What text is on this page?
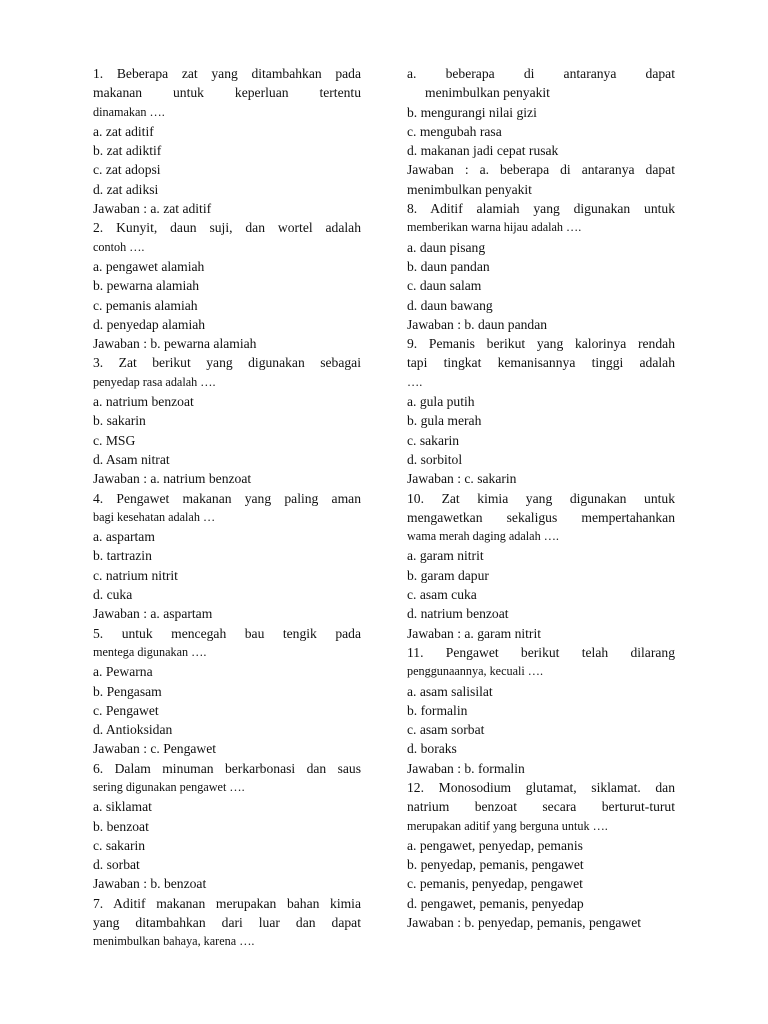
1. Beberapa zat yang ditambahkan pada
makanan untuk keperluan tertentu
dinamakan ….
a. zat aditif
b. zat adiktif
c. zat adopsi
d. zat adiksi
Jawaban : a. zat aditif
2. Kunyit, daun suji, dan wortel adalah
contoh ….
a. pengawet alamiah
b. pewarna alamiah
c. pemanis alamiah
d. penyedap alamiah
Jawaban : b. pewarna alamiah
3. Zat berikut yang digunakan sebagai
penyedap rasa adalah ….
a. natrium benzoat
b. sakarin
c. MSG
d. Asam nitrat
Jawaban : a. natrium benzoat
4. Pengawet makanan yang paling aman
bagi kesehatan adalah …
a. aspartam
b. tartrazin
c. natrium nitrit
d. cuka
Jawaban : a. aspartam
5. untuk mencegah bau tengik pada
mentega digunakan ….
a. Pewarna
b. Pengasam
c. Pengawet
d. Antioksidan
Jawaban : c. Pengawet
6. Dalam minuman berkarbonasi dan saus
sering digunakan pengawet ….
a. siklamat
b. benzoat
c. sakarin
d. sorbat
Jawaban : b. benzoat
7. Aditif makanan merupakan bahan kimia
yang ditambahkan dari luar dan dapat
menimbulkan bahaya, karena ….
a. beberapa di antaranya dapat
menimbulkan penyakit
b. mengurangi nilai gizi
c. mengubah rasa
d. makanan jadi cepat rusak
Jawaban : a. beberapa di antaranya dapat
menimbulkan penyakit
8. Aditif alamiah yang digunakan untuk
memberikan warna hijau adalah ….
a. daun pisang
b. daun pandan
c. daun salam
d. daun bawang
Jawaban : b. daun pandan
9. Pemanis berikut yang kalorinya rendah
tapi tingkat kemanisannya tinggi adalah
….
a. gula putih
b. gula merah
c. sakarin
d. sorbitol
Jawaban : c. sakarin
10. Zat kimia yang digunakan untuk
mengawetkan sekaligus mempertahankan
wama merah daging adalah ….
a. garam nitrit
b. garam dapur
c. asam cuka
d. natrium benzoat
Jawaban : a. garam nitrit
11. Pengawet berikut telah dilarang
penggunaannya, kecuali ….
a. asam salisilat
b. formalin
c. asam sorbat
d. boraks
Jawaban : b. formalin
12. Monosodium glutamat, siklamat. dan
natrium benzoat secara berturut-turut
merupakan aditif yang berguna untuk ….
a. pengawet, penyedap, pemanis
b. penyedap, pemanis, pengawet
c. pemanis, penyedap, pengawet
d. pengawet, pemanis, penyedap
Jawaban : b. penyedap, pemanis, pengawet
